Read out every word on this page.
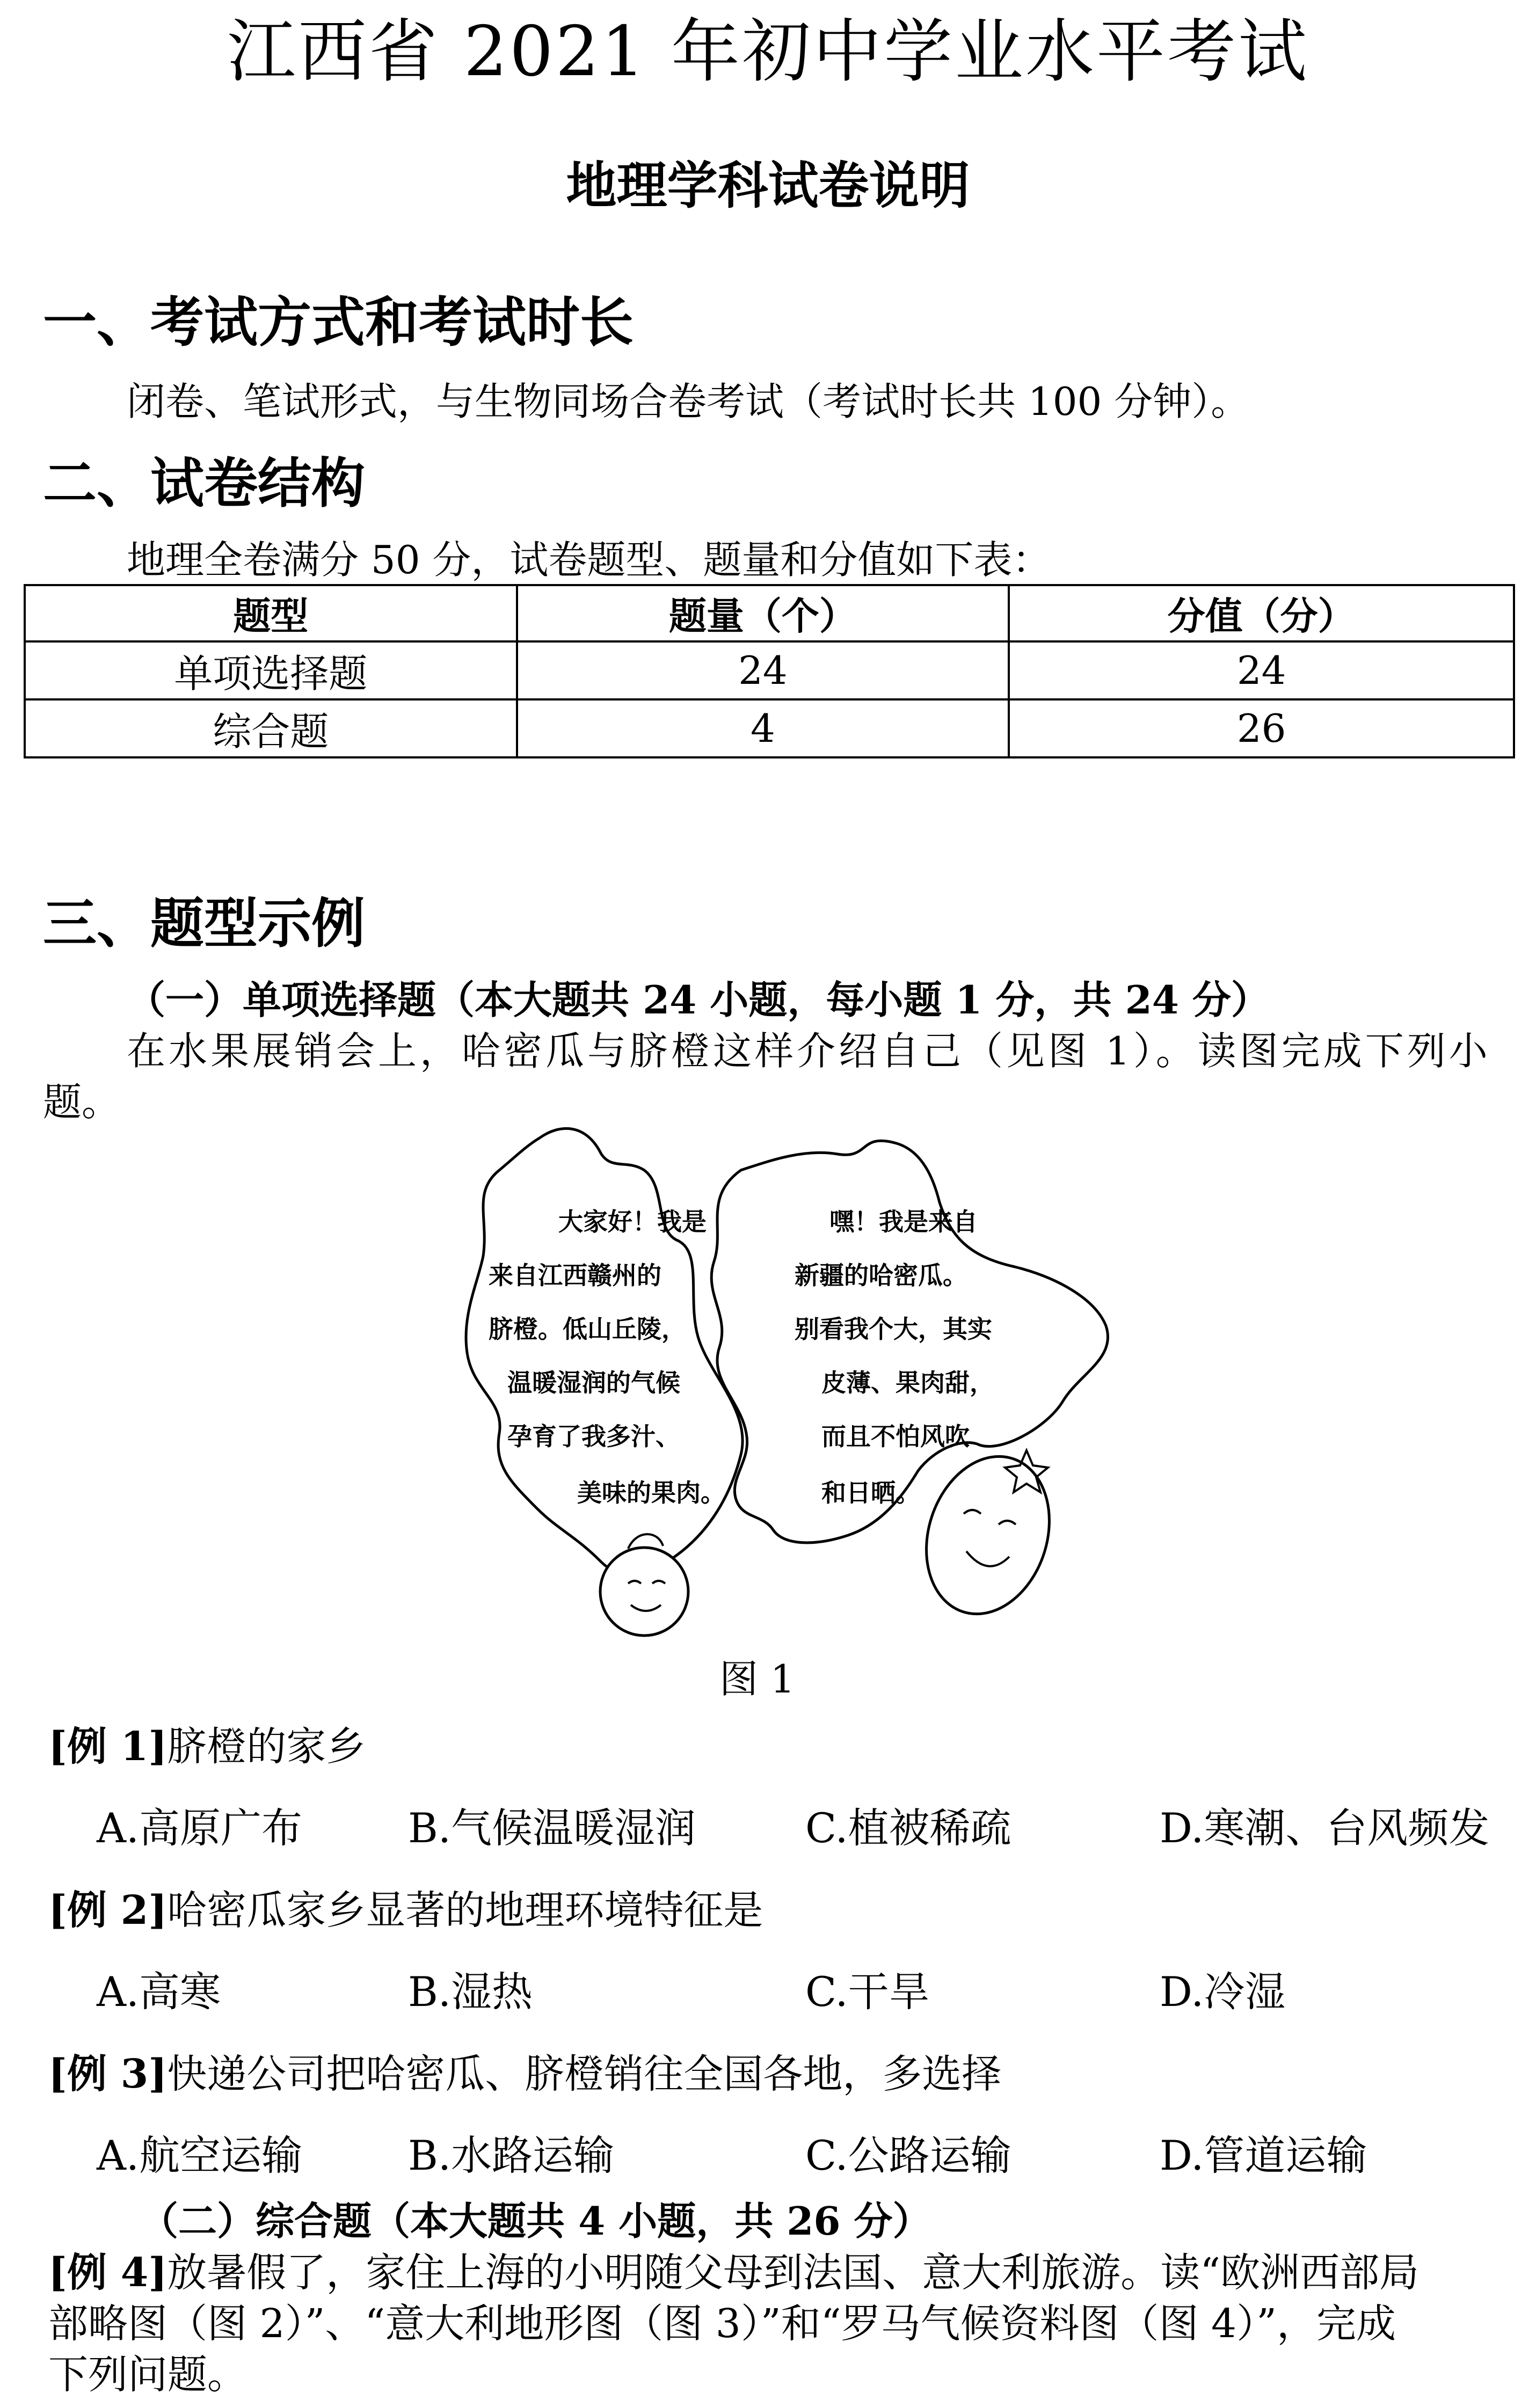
江西省 2021 年初中学业水平考试
地理学科试卷说明
一、考试方式和考试时长
闭卷、笔试形式，与生物同场合卷考试（考试时长共 100 分钟）。
二、试卷结构
地理全卷满分 50 分，试卷题型、题量和分值如下表：
题型	题量（个）	分值（分）
单项选择题	24	24
综合题	4	26
三、题型示例
（一）单项选择题（本大题共 24 小题，每小题 1 分，共 24 分）
在水果展销会上，哈密瓜与脐橙这样介绍自己（见图 1）。读图完成下列小
题。
大家好！我是
来自江西赣州的
脐橙。低山丘陵，
温暖湿润的气候
孕育了我多汁、
美味的果肉。
嘿！我是来自
新疆的哈密瓜。
别看我个大，其实
皮薄、果肉甜，
而且不怕风吹
和日晒。
图 1
[例 1]脐橙的家乡
A.高原广布	B.气候温暖湿润	C.植被稀疏	D.寒潮、台风频发
[例 2]哈密瓜家乡显著的地理环境特征是
A.高寒	B.湿热	C.干旱	D.冷湿
[例 3]快递公司把哈密瓜、脐橙销往全国各地，多选择
A.航空运输	B.水路运输	C.公路运输	D.管道运输
（二）综合题（本大题共 4 小题，共 26 分）
[例 4]放暑假了，家住上海的小明随父母到法国、意大利旅游。读“欧洲西部局
部略图（图 2）”、“意大利地形图（图 3）”和“罗马气候资料图（图 4）”，完成
下列问题。
